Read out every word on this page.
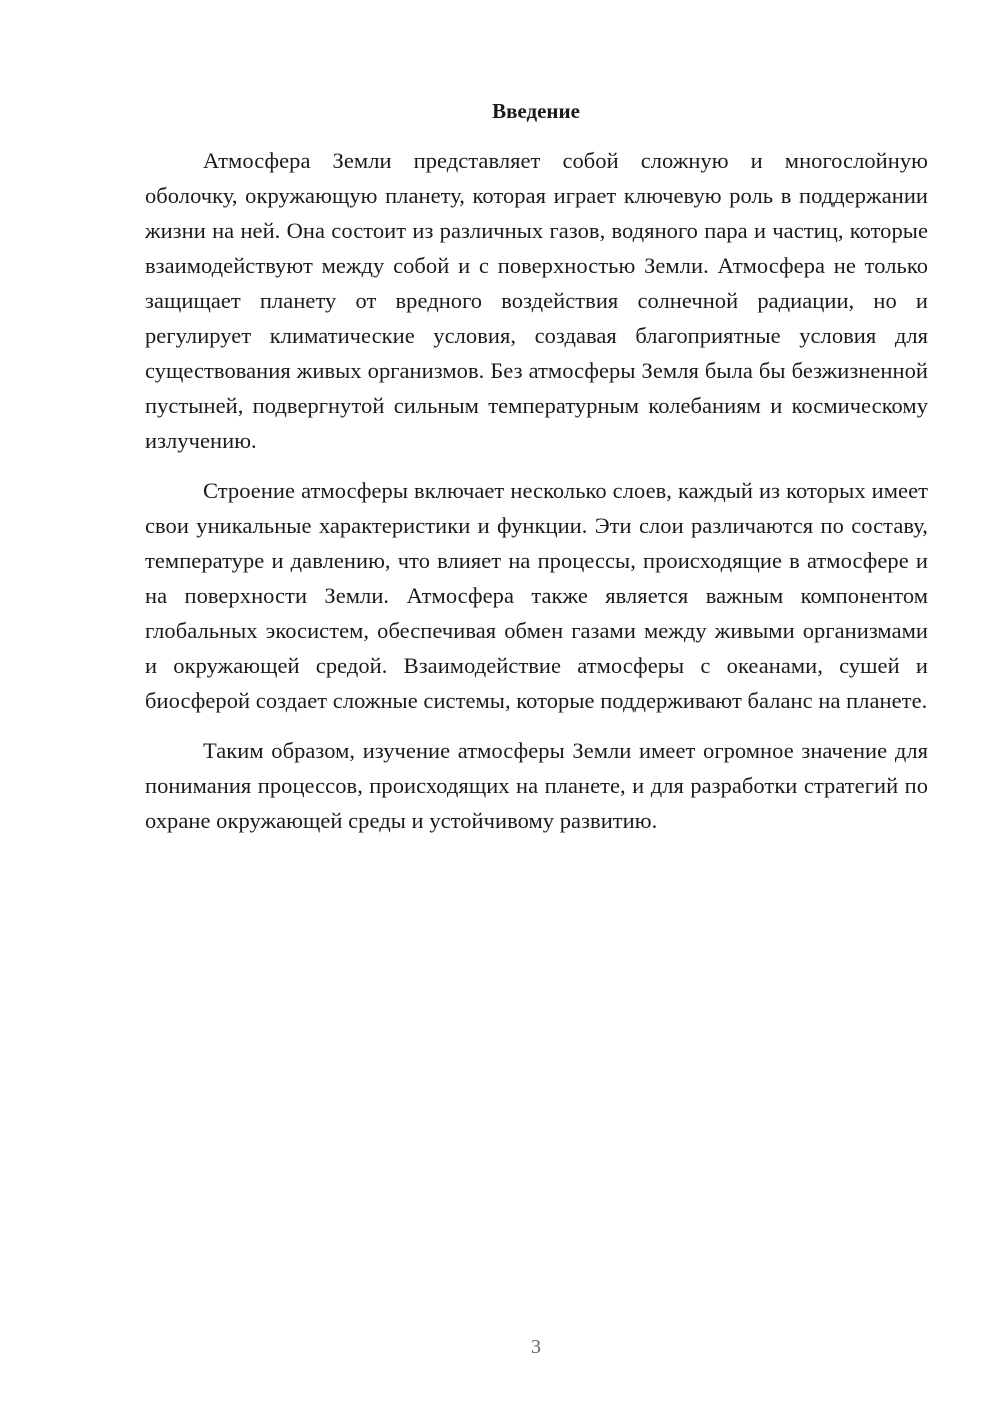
Введение

Атмосфера Земли представляет собой сложную и многослойную оболочку, окружающую планету, которая играет ключевую роль в поддержании жизни на ней. Она состоит из различных газов, водяного пара и частиц, которые взаимодействуют между собой и с поверхностью Земли. Атмосфера не только защищает планету от вредного воздействия солнечной радиации, но и регулирует климатические условия, создавая благоприятные условия для существования живых организмов. Без атмосферы Земля была бы безжизненной пустыней, подвергнутой сильным температурным колебаниям и космическому излучению.

Строение атмосферы включает несколько слоев, каждый из которых имеет свои уникальные характеристики и функции. Эти слои различаются по составу, температуре и давлению, что влияет на процессы, происходящие в атмосфере и на поверхности Земли. Атмосфера также является важным компонентом глобальных экосистем, обеспечивая обмен газами между живыми организмами и окружающей средой. Взаимодействие атмосферы с океанами, сушей и биосферой создает сложные системы, которые поддерживают баланс на планете.

Таким образом, изучение атмосферы Земли имеет огромное значение для понимания процессов, происходящих на планете, и для разработки стратегий по охране окружающей среды и устойчивому развитию.

3
